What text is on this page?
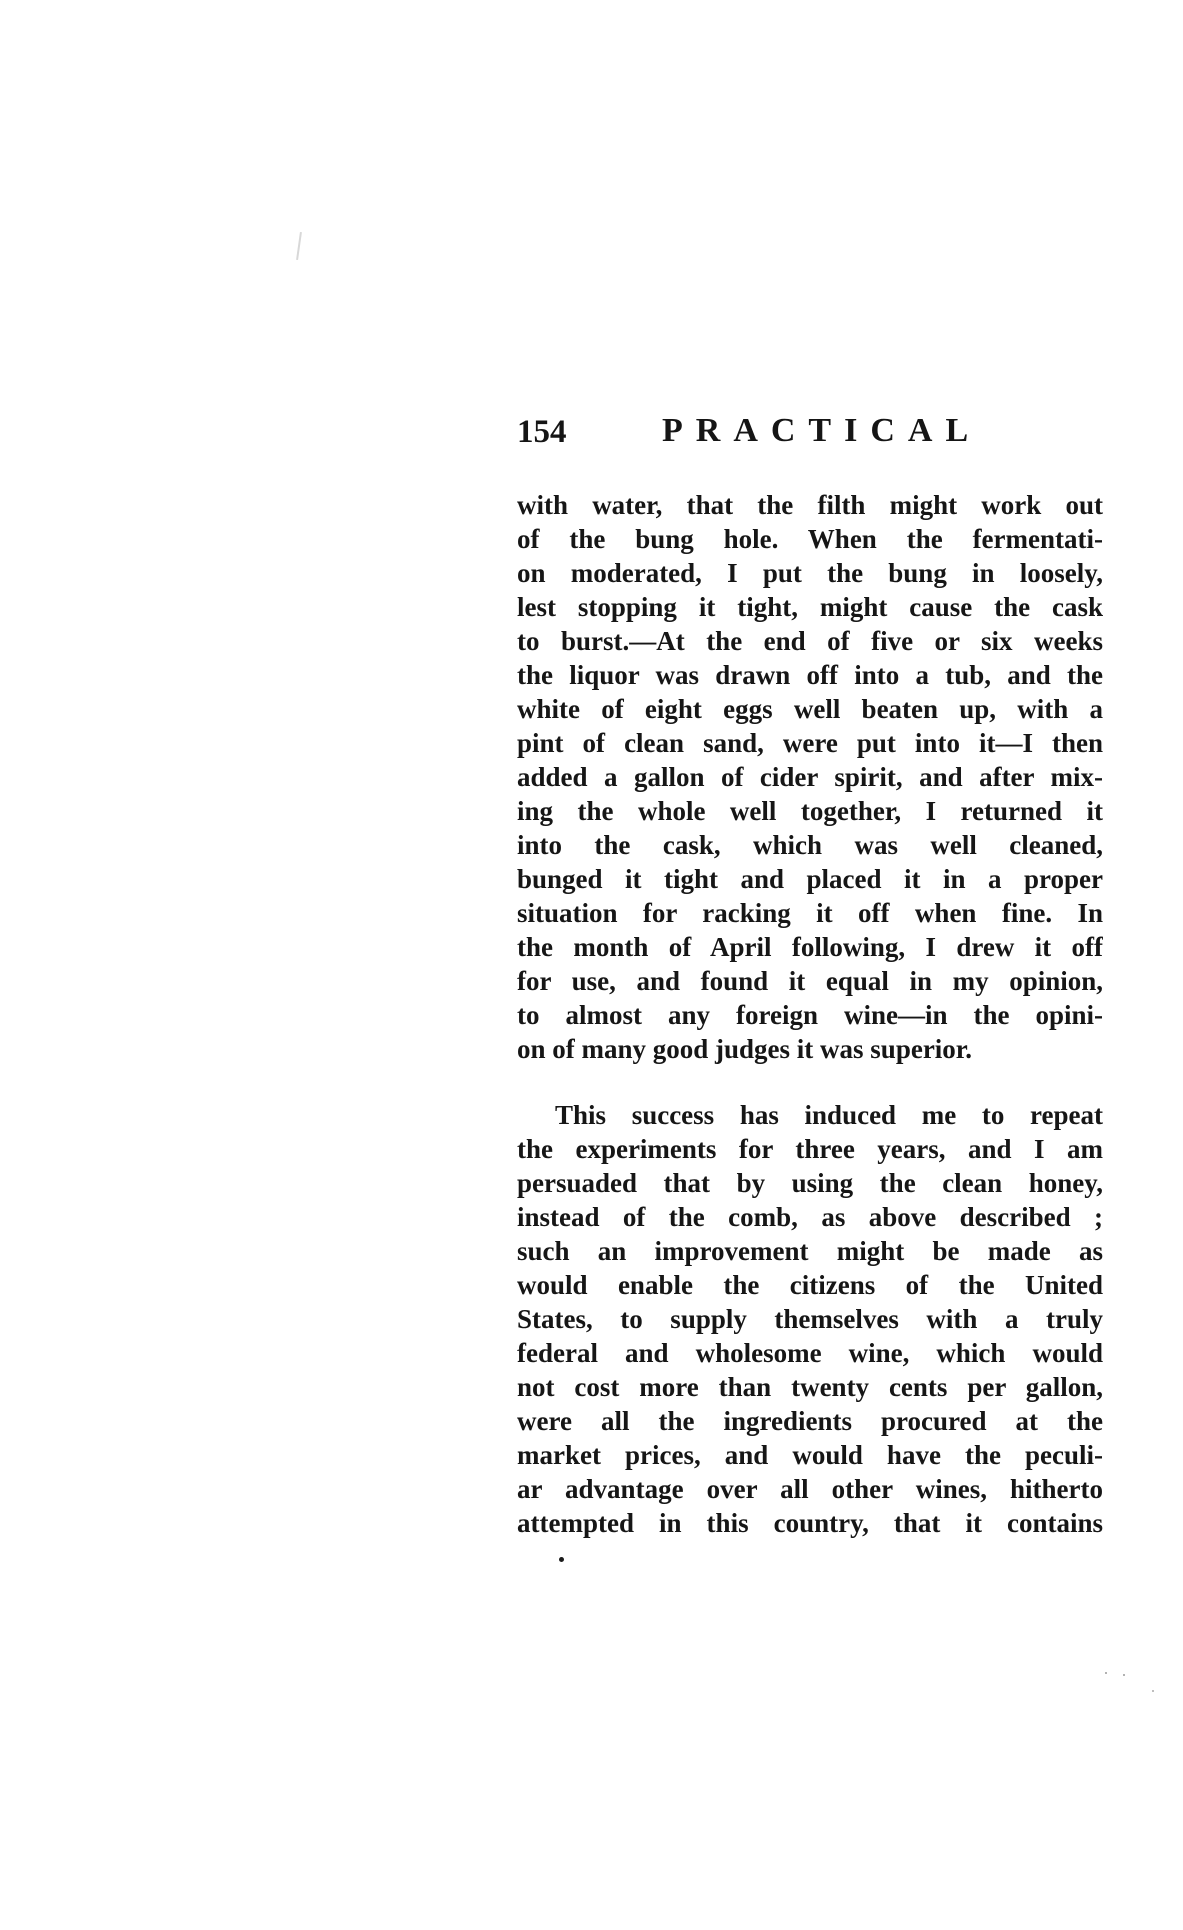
154	PRACTICAL
with water, that the filth might work out
of the bung hole. When the fermentati-
on moderated, I put the bung in loosely,
lest stopping it tight, might cause the cask
to burst.—At the end of five or six weeks
the liquor was drawn off into a tub, and the
white of eight eggs well beaten up, with a
pint of clean sand, were put into it—I then
added a gallon of cider spirit, and after mix-
ing the whole well together, I returned it
into the cask, which was well cleaned,
bunged it tight and placed it in a proper
situation for racking it off when fine. In
the month of April following, I drew it off
for use, and found it equal in my opinion,
to almost any foreign wine—in the opini-
on of many good judges it was superior.
This success has induced me to repeat
the experiments for three years, and I am
persuaded that by using the clean honey,
instead of the comb, as above described ;
such an improvement might be made as
would enable the citizens of the United
States, to supply themselves with a truly
federal and wholesome wine, which would
not cost more than twenty cents per gallon,
were all the ingredients procured at the
market prices, and would have the peculi-
ar advantage over all other wines, hitherto
attempted in this country, that it contains
